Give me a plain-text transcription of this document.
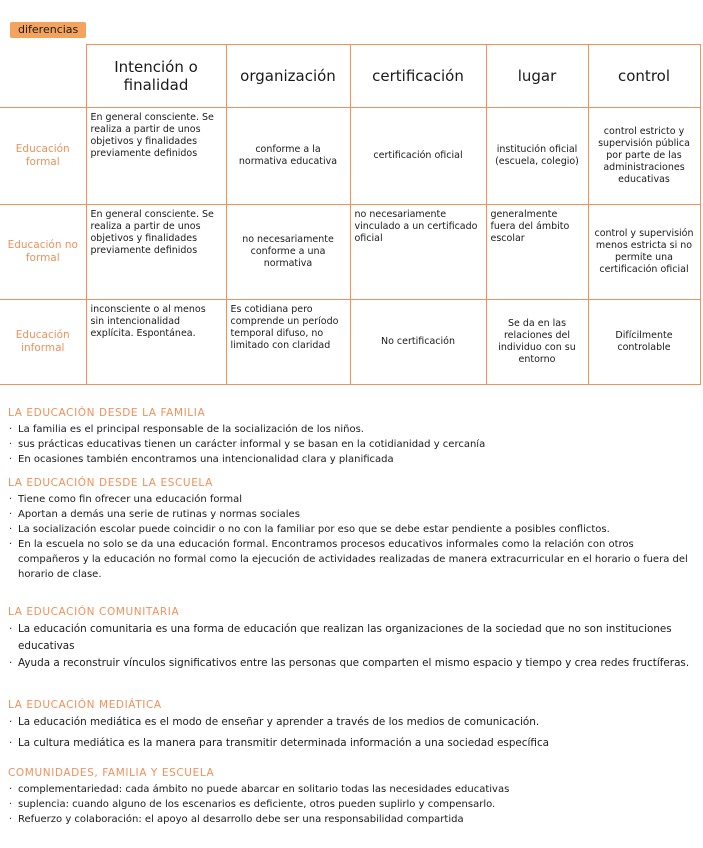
diferencias
	Intención o finalidad	organización	certificación	lugar	control
Educación formal	En general consciente. Se realiza a partir de unos objetivos y finalidades previamente definidos	conforme a la normativa educativa	certificación oficial	institución oficial (escuela, colegio)	control estricto y supervisión pública por parte de las administraciones educativas
Educación no formal	En general consciente. Se realiza a partir de unos objetivos y finalidades previamente definidos	no necesariamente conforme a una normativa	no necesariamente vinculado a un certificado oficial	generalmente fuera del ámbito escolar	control y supervisión menos estricta si no permite una certificación oficial
Educación informal	inconsciente o al menos sin intencionalidad explícita. Espontánea.	Es cotidiana pero comprende un período temporal difuso, no limitado con claridad	No certificación	Se da en las relaciones del individuo con su entorno	Difícilmente controlable
LA EDUCACIÓN DESDE LA FAMILIA
· La familia es el principal responsable de la socialización de los niños.
· sus prácticas educativas tienen un carácter informal y se basan en la cotidianidad y cercanía
· En ocasiones también encontramos una intencionalidad clara y planificada
LA EDUCACIÓN DESDE LA ESCUELA
· Tiene como fin ofrecer una educación formal
· Aportan a demás una serie de rutinas y normas sociales
· La socialización escolar puede coincidir o no con la familiar por eso que se debe estar pendiente a posibles conflictos.
· En la escuela no solo se da una educación formal. Encontramos procesos educativos informales como la relación con otros compañeros y la educación no formal como la ejecución de actividades realizadas de manera extracurricular en el horario o fuera del horario de clase.
LA EDUCACIÓN COMUNITARIA
· La educación comunitaria es una forma de educación que realizan las organizaciones de la sociedad que no son instituciones educativas
· Ayuda a reconstruir vínculos significativos entre las personas que comparten el mismo espacio y tiempo y crea redes fructíferas.
LA EDUCACIÓN MEDIÁTICA
· La educación mediática es el modo de enseñar y aprender a través de los medios de comunicación.
· La cultura mediática es la manera para transmitir determinada información a una sociedad específica
COMUNIDADES, FAMILIA Y ESCUELA
· complementariedad: cada ámbito no puede abarcar en solitario todas las necesidades educativas
· suplencia: cuando alguno de los escenarios es deficiente, otros pueden suplirlo y compensarlo.
· Refuerzo y colaboración: el apoyo al desarrollo debe ser una responsabilidad compartida
